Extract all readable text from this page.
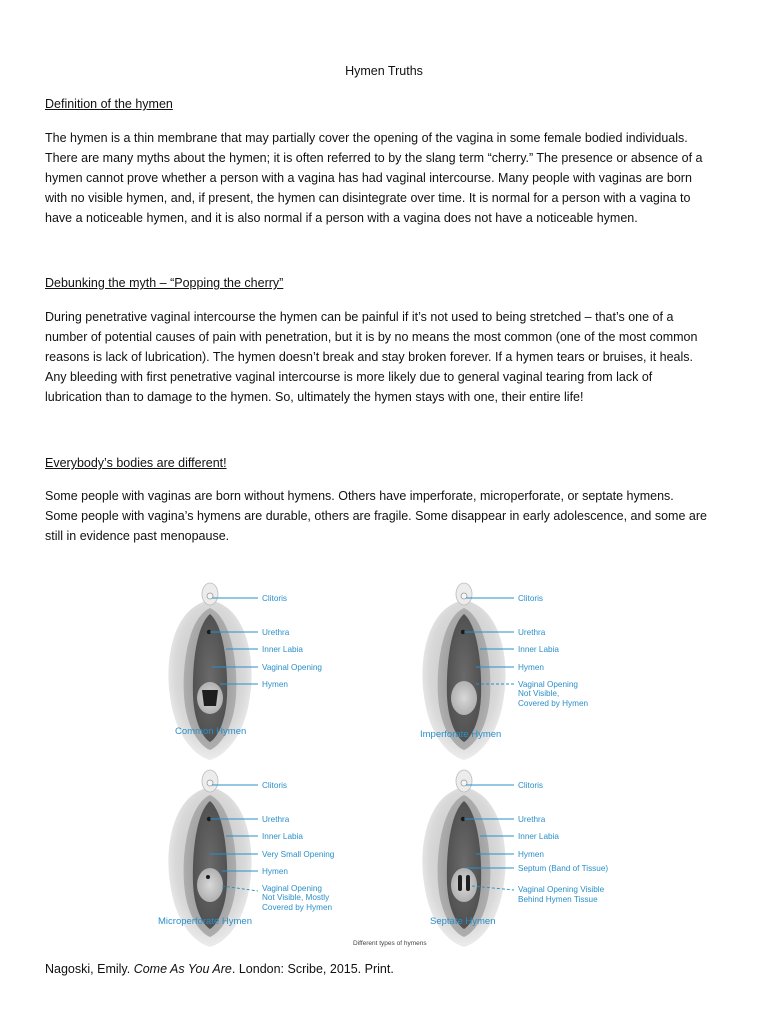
Hymen Truths
Definition of the hymen

The hymen is a thin membrane that may partially cover the opening of the vagina in some female bodied individuals.

There are many myths about the hymen; it is often referred to by the slang term “cherry.” The presence or absence of a

hymen cannot prove whether a person with a vagina has had vaginal intercourse. Many people with vaginas are born

with no visible hymen, and, if present, the hymen can disintegrate over time. It is normal for a person with a vagina to

have a noticeable hymen, and it is also normal if a person with a vagina does not have a noticeable hymen.

Debunking the myth – “Popping the cherry”

During penetrative vaginal intercourse the hymen can be painful if it’s not used to being stretched – that’s one of a

number of potential causes of pain with penetration, but it is by no means the most common (one of the most common

reasons is lack of lubrication). The hymen doesn’t break and stay broken forever. If a hymen tears or bruises, it heals.

Any bleeding with first penetrative vaginal intercourse is more likely due to general vaginal tearing from lack of

lubrication than to damage to the hymen. So, ultimately the hymen stays with one, their entire life!

Everybody’s bodies are different!

Some people with vaginas are born without hymens. Others have imperforate, microperforate, or septate hymens.

Some people with vagina’s hymens are durable, others are fragile. Some disappear in early adolescence, and some are

still in evidence past menopause.

Clitoris
Urethra
Inner Labia
Vaginal Opening
Hymen
Common Hymen
Clitoris
Urethra
Inner Labia
Hymen
Vaginal Opening
Not Visible,
Covered by Hymen
Imperforate Hymen
Clitoris
Urethra
Inner Labia
Very Small Opening
Hymen
Vaginal Opening
Not Visible, Mostly
Covered by Hymen
Microperforate Hymen
Clitoris
Urethra
Inner Labia
Hymen
Septum (Band of Tissue)
Vaginal Opening Visible
Behind Hymen Tissue
Septate Hymen
Different types of hymens
Nagoski, Emily. Come As You Are. London: Scribe, 2015. Print.
